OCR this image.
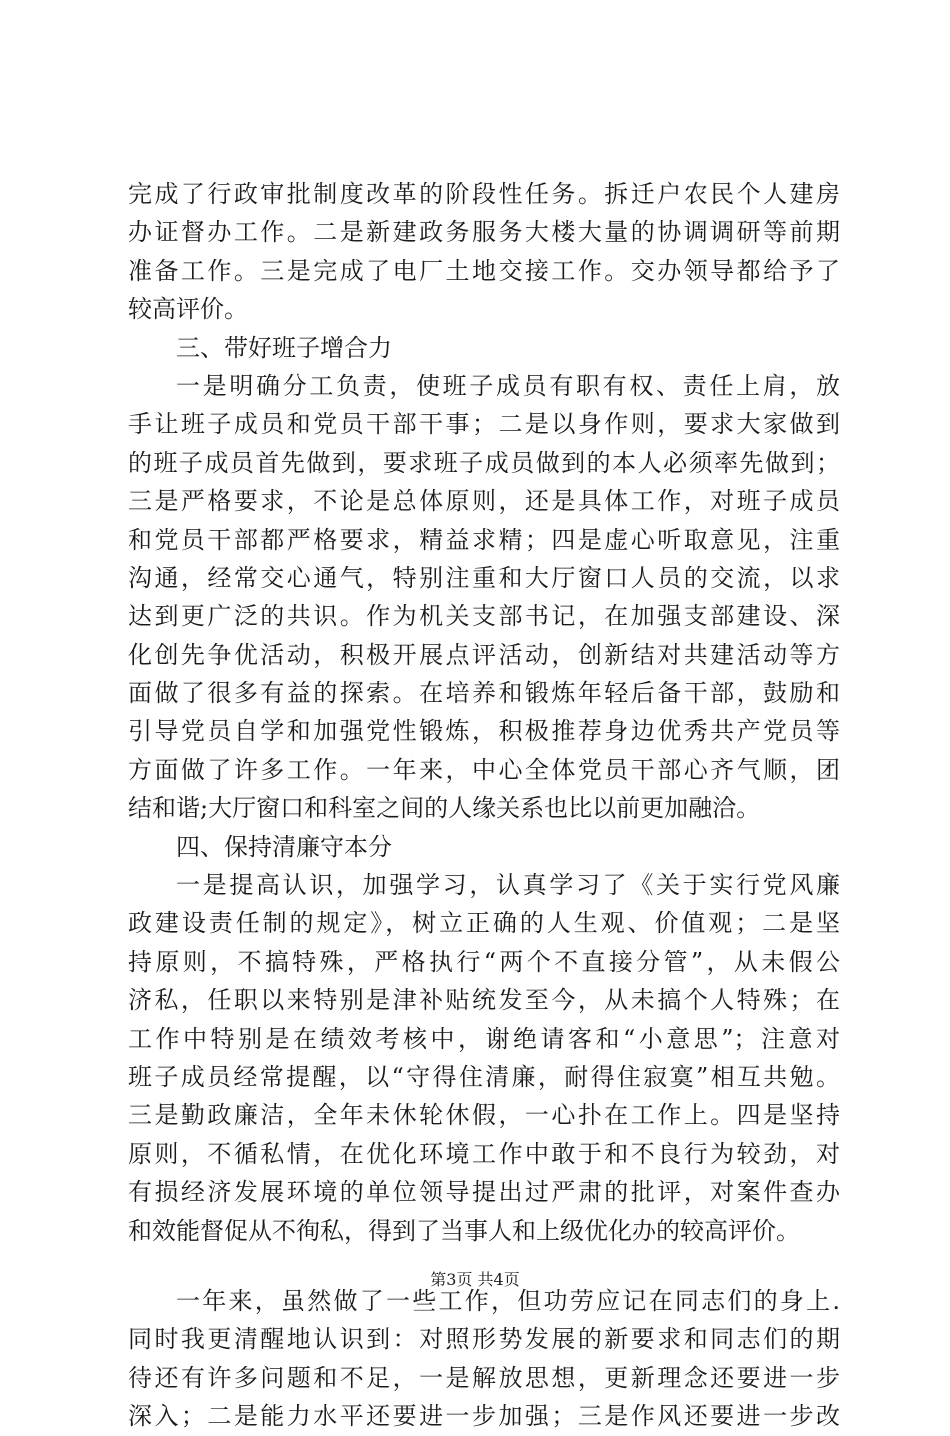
完成了行政审批制度改革的阶段性任务。拆迁户农民个人建房
办证督办工作。二是新建政务服务大楼大量的协调调研等前期
准备工作。三是完成了电厂土地交接工作。交办领导都给予了
较高评价。
三、带好班子增合力
一是明确分工负责，使班子成员有职有权、责任上肩，放
手让班子成员和党员干部干事；二是以身作则，要求大家做到
的班子成员首先做到，要求班子成员做到的本人必须率先做到；
三是严格要求，不论是总体原则，还是具体工作，对班子成员
和党员干部都严格要求，精益求精；四是虚心听取意见，注重
沟通，经常交心通气，特别注重和大厅窗口人员的交流，以求
达到更广泛的共识。作为机关支部书记，在加强支部建设、深
化创先争优活动，积极开展点评活动，创新结对共建活动等方
面做了很多有益的探索。在培养和锻炼年轻后备干部，鼓励和
引导党员自学和加强党性锻炼，积极推荐身边优秀共产党员等
方面做了许多工作。一年来，中心全体党员干部心齐气顺，团
结和谐;大厅窗口和科室之间的人缘关系也比以前更加融洽。
四、保持清廉守本分
一是提高认识，加强学习，认真学习了《关于实行党风廉
政建设责任制的规定》，树立正确的人生观、价值观；二是坚
持原则，不搞特殊，严格执行“两个不直接分管”，从未假公
济私，任职以来特别是津补贴统发至今，从未搞个人特殊；在
工作中特别是在绩效考核中，谢绝请客和“小意思”；注意对
班子成员经常提醒，以“守得住清廉，耐得住寂寞”相互共勉。
三是勤政廉洁，全年未休轮休假，一心扑在工作上。四是坚持
原则，不循私情，在优化环境工作中敢于和不良行为较劲，对
有损经济发展环境的单位领导提出过严肃的批评，对案件查办
和效能督促从不徇私，得到了当事人和上级优化办的较高评价。
一年来，虽然做了一些工作，但功劳应记在同志们的身上.
同时我更清醒地认识到：对照形势发展的新要求和同志们的期
待还有许多问题和不足，一是解放思想，更新理念还要进一步
深入；二是能力水平还要进一步加强；三是作风还要进一步改
第3页 共4页
